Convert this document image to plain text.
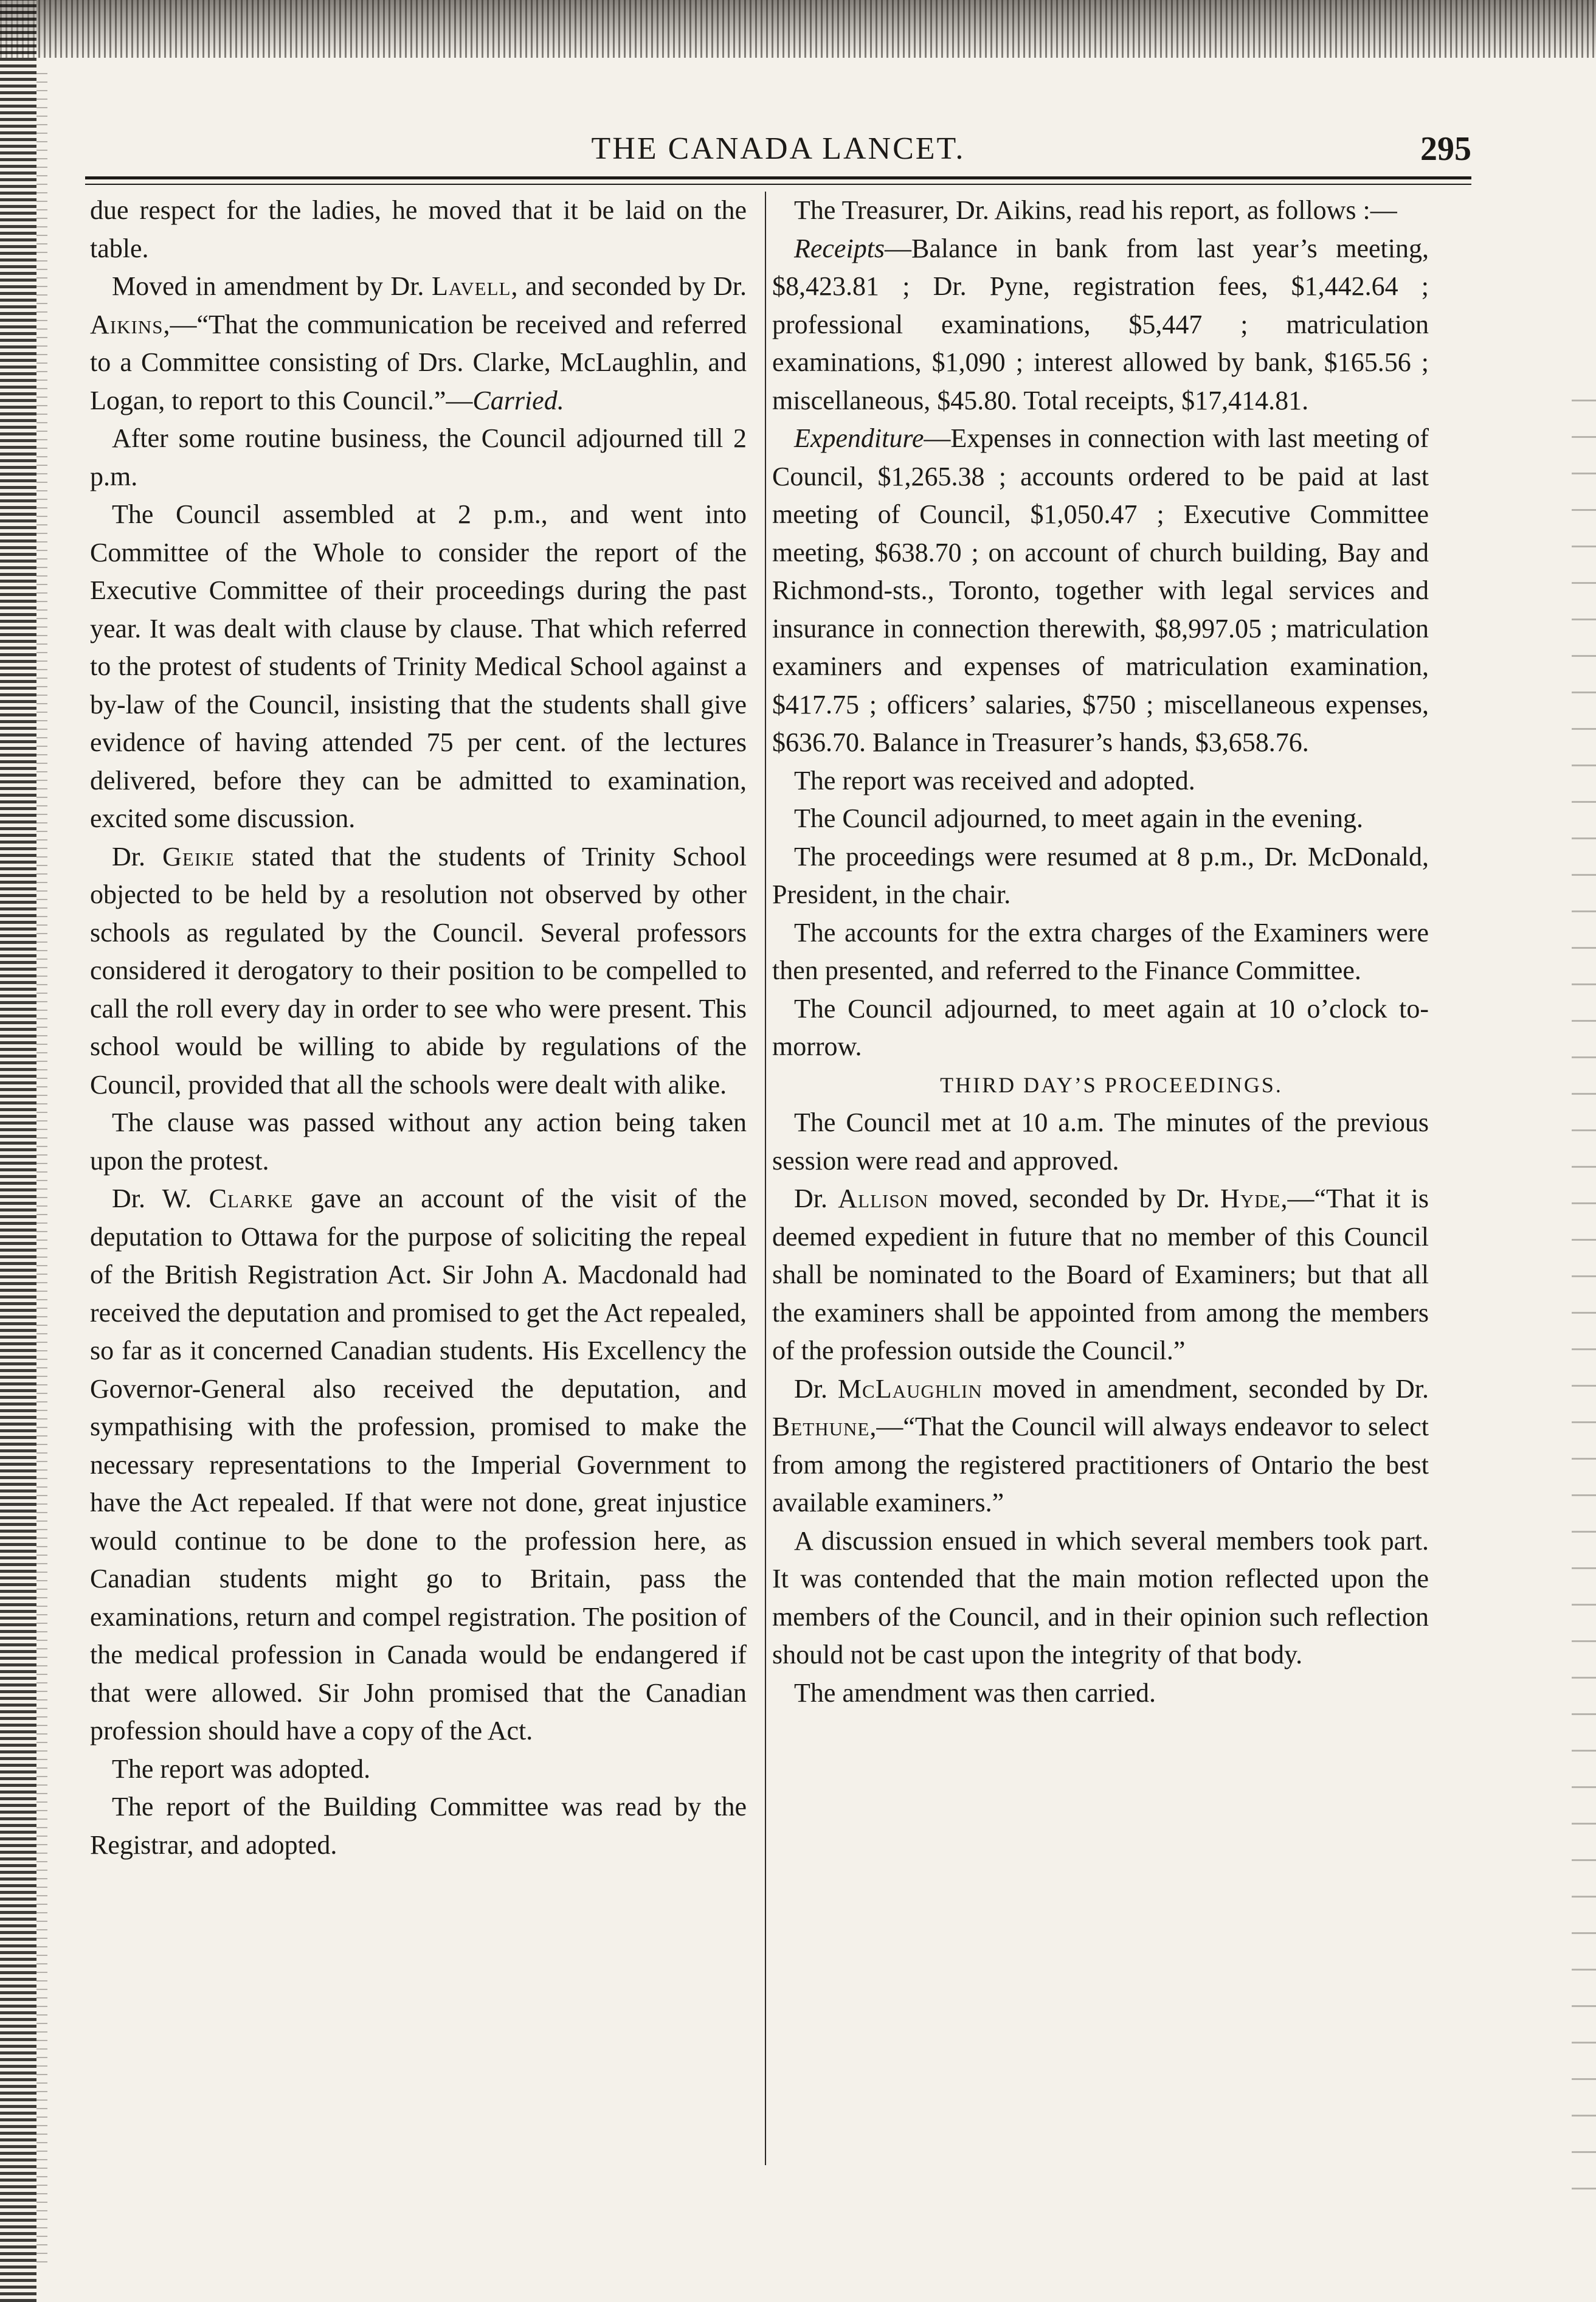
THE CANADA LANCET.	295

due respect for the ladies, he moved that it be laid on the table.

Moved in amendment by Dr. Lavell, and seconded by Dr. Aikins,—“That the communication be received and referred to a Committee consisting of Drs. Clarke, McLaughlin, and Logan, to report to this Council.”—Carried.

After some routine business, the Council adjourned till 2 p.m.

The Council assembled at 2 p.m., and went into Committee of the Whole to consider the report of the Executive Committee of their proceedings during the past year. It was dealt with clause by clause. That which referred to the protest of students of Trinity Medical School against a by-law of the Council, insisting that the students shall give evidence of having attended 75 per cent. of the lectures delivered, before they can be admitted to examination, excited some discussion.

Dr. Geikie stated that the students of Trinity School objected to be held by a resolution not observed by other schools as regulated by the Council. Several professors considered it derogatory to their position to be compelled to call the roll every day in order to see who were present. This school would be willing to abide by regulations of the Council, provided that all the schools were dealt with alike.

The clause was passed without any action being taken upon the protest.

Dr. W. Clarke gave an account of the visit of the deputation to Ottawa for the purpose of soliciting the repeal of the British Registration Act. Sir John A. Macdonald had received the deputation and promised to get the Act repealed, so far as it concerned Canadian students. His Excellency the Governor-General also received the deputation, and sympathising with the profession, promised to make the necessary representations to the Imperial Government to have the Act repealed. If that were not done, great injustice would continue to be done to the profession here, as Canadian students might go to Britain, pass the examinations, return and compel registration. The position of the medical profession in Canada would be endangered if that were allowed. Sir John promised that the Canadian profession should have a copy of the Act.

The report was adopted.

The report of the Building Committee was read by the Registrar, and adopted.

The Treasurer, Dr. Aikins, read his report, as follows :—

Receipts—Balance in bank from last year’s meeting, $8,423.81 ; Dr. Pyne, registration fees, $1,442.64 ; professional examinations, $5,447 ; matriculation examinations, $1,090 ; interest allowed by bank, $165.56 ; miscellaneous, $45.80. Total receipts, $17,414.81.

Expenditure—Expenses in connection with last meeting of Council, $1,265.38 ; accounts ordered to be paid at last meeting of Council, $1,050.47 ; Executive Committee meeting, $638.70 ; on account of church building, Bay and Richmond-sts., Toronto, together with legal services and insurance in connection therewith, $8,997.05 ; matriculation examiners and expenses of matriculation examination, $417.75 ; officers’ salaries, $750 ; miscellaneous expenses, $636.70. Balance in Treasurer’s hands, $3,658.76.

The report was received and adopted.

The Council adjourned, to meet again in the evening.

The proceedings were resumed at 8 p.m., Dr. McDonald, President, in the chair.

The accounts for the extra charges of the Examiners were then presented, and referred to the Finance Committee.

The Council adjourned, to meet again at 10 o’clock to-morrow.

THIRD DAY’S PROCEEDINGS.

The Council met at 10 a.m. The minutes of the previous session were read and approved.

Dr. Allison moved, seconded by Dr. Hyde,—“That it is deemed expedient in future that no member of this Council shall be nominated to the Board of Examiners; but that all the examiners shall be appointed from among the members of the profession outside the Council.”

Dr. McLaughlin moved in amendment, seconded by Dr. Bethune,—“That the Council will always endeavor to select from among the registered practitioners of Ontario the best available examiners.”

A discussion ensued in which several members took part. It was contended that the main motion reflected upon the members of the Council, and in their opinion such reflection should not be cast upon the integrity of that body.

The amendment was then carried.
